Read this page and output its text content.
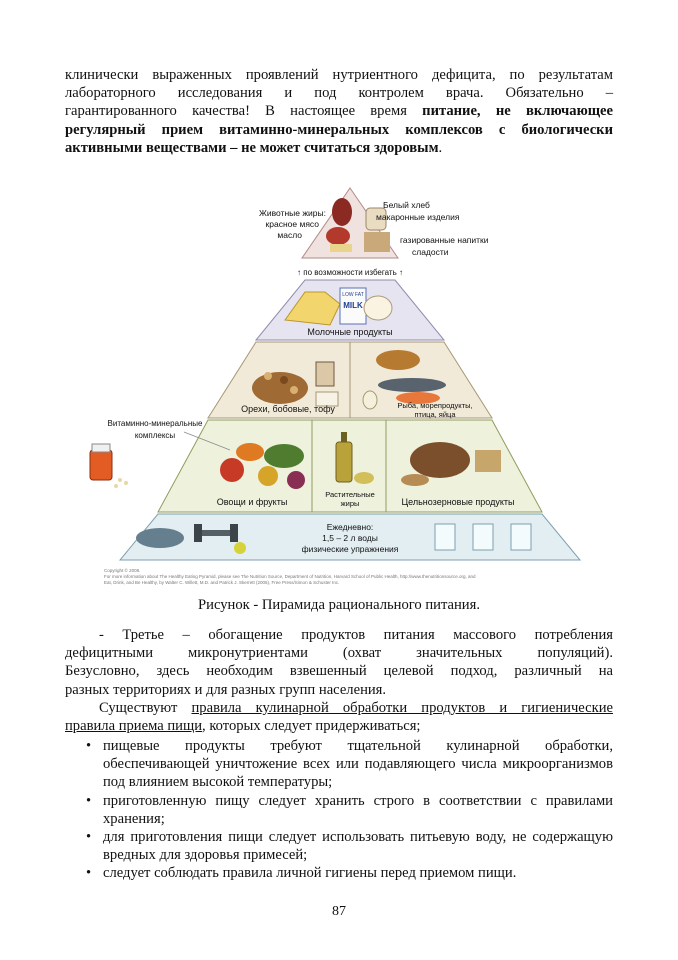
клинически выраженных проявлений нутриентного дефицита, по результатам
лабораторного исследования и под контролем врача. Обязательно –
гарантированного качества! В настоящее время питание, не включающее
регулярный прием витаминно-минеральных комплексов с биологически
активными веществами – не может считаться здоровым.
Животные жиры:
красное мясо
масло
Белый хлеб
макаронные изделия
газированные напитки
сладости
↑ по возможности избегать ↑
MILK
LOW FAT
Молочные продукты
Орехи, бобовые, тофу	Рыба, морепродукты,
птица, яйца
Овощи и фрукты
Растительные
жиры	Цельнозерновые продукты
Витаминно-минеральные
комплексы
Ежедневно:
1,5 – 2 л воды
физические упражнения
Copyright © 2008.
For more information about The Healthy Eating Pyramid, please see The Nutrition Source, Department of Nutrition, Harvard School of Public Health, http://www.thenutritionsource.org, and
Eat, Drink, and Be Healthy, by Walter C. Willett, M.D. and Patrick J. Skerrett (2005), Free Press/Simon & Schuster Inc.
Рисунок - Пирамида рационального питания.
- Третье – обогащение продуктов питания массового потребления
дефицитными микронутриентами (охват значительных популяций).
Безусловно, здесь необходим взвешенный целевой подход, различный на
разных территориях и для разных групп населения.
Существуют правила кулинарной обработки продуктов и гигиенические
правила приема пищи, которых следует придерживаться;
• пищевые продукты требуют тщательной кулинарной обработки, обеспечивающей уничтожение всех или подавляющего числа микроорганизмов под влиянием высокой температуры;
• приготовленную пищу следует хранить строго в соответствии с правилами хранения;
• для приготовления пищи следует использовать питьевую воду, не содержащую вредных для здоровья примесей;
• следует соблюдать правила личной гигиены перед приемом пищи.
87
